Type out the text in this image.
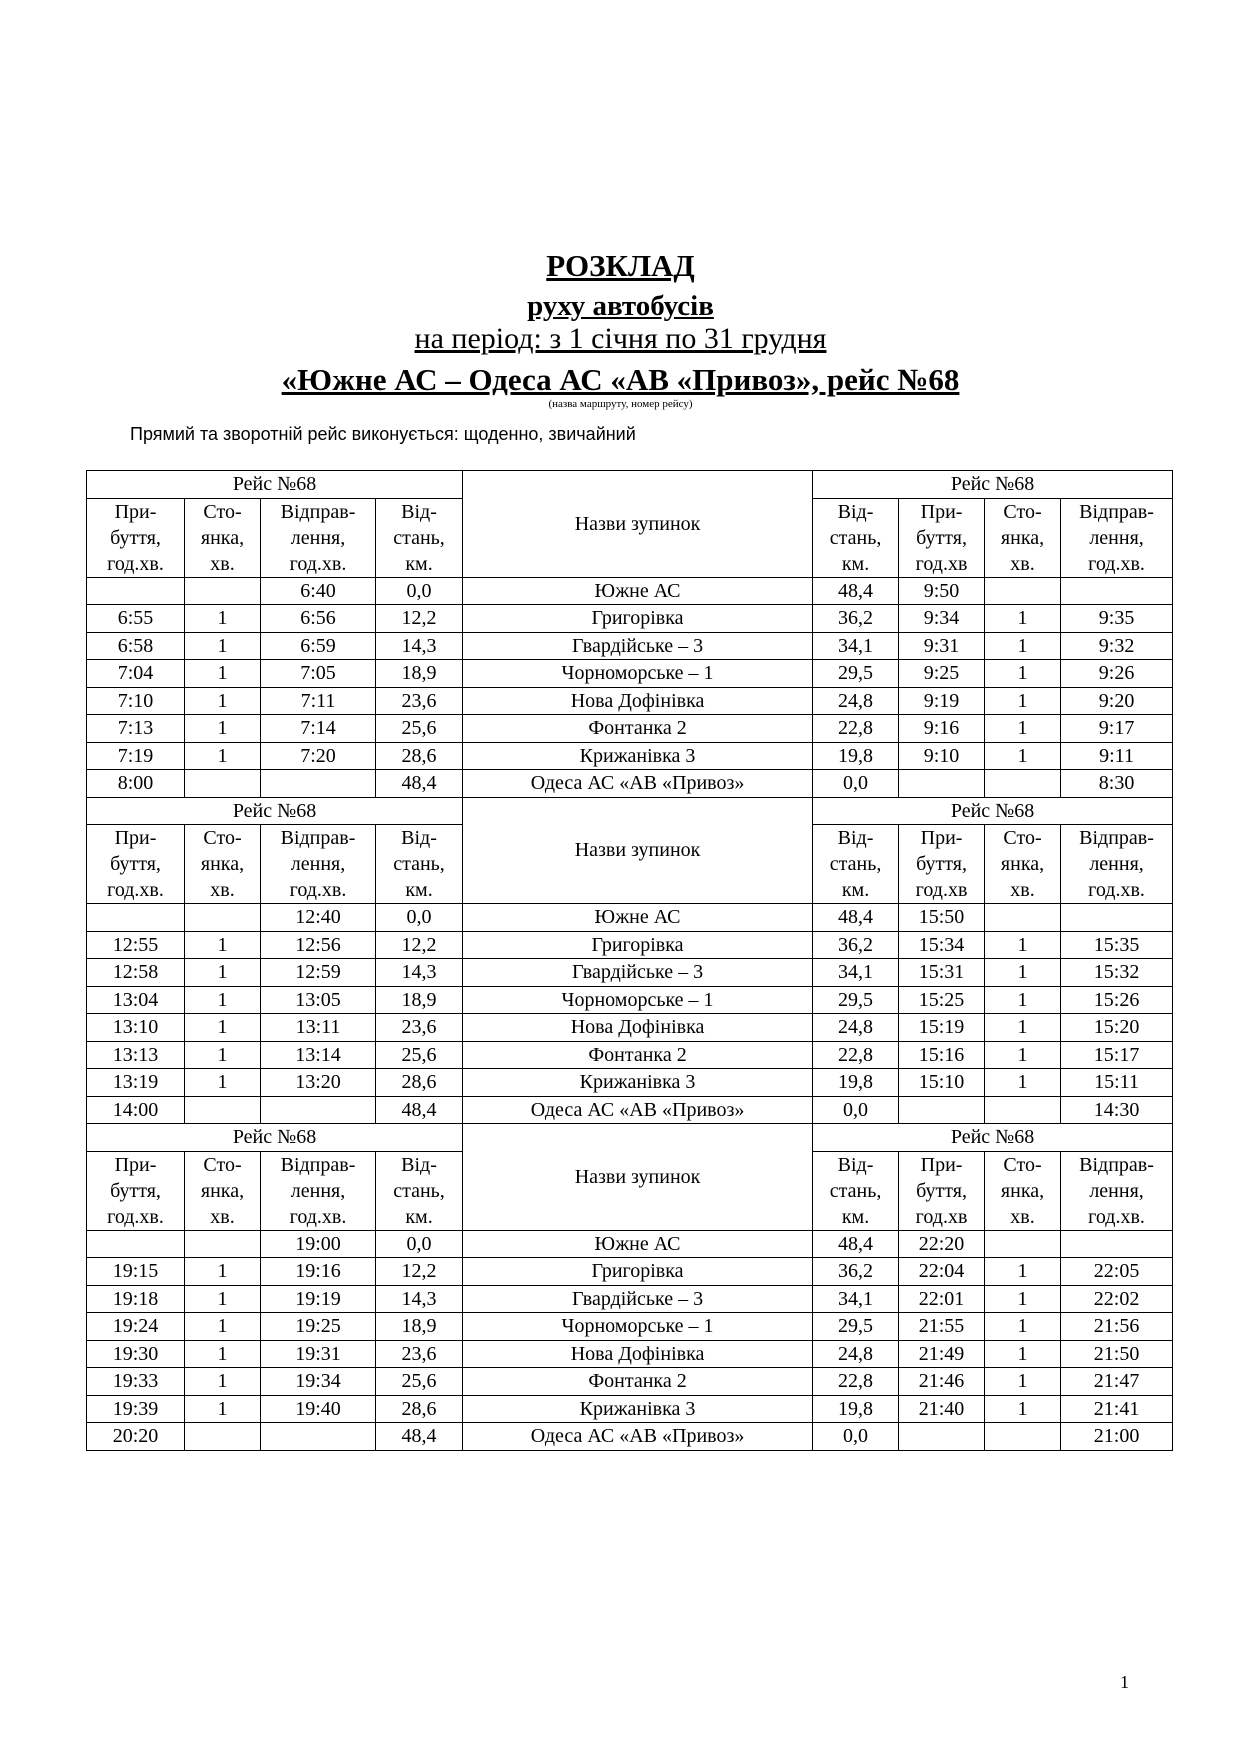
РОЗКЛАД
руху автобусів
на період: з 1 січня по 31 грудня
«Южне АС – Одеса АС «АВ «Привоз», рейс №68
(назва маршруту, номер рейсу)
Прямий та зворотній рейс виконується: щоденно, звичайний
Рейс №68				Назви зупинок	Рейс №68			
При-
буття,
год.хв.	Сто-
янка,
хв.	Відправ-
лення,
год.хв.	Від-
стань,
км.		Від-
стань,
км.	При-
буття,
год.хв	Сто-
янка,
хв.	Відправ-
лення,
год.хв.
		6:40	0,0	Южне АС	48,4	9:50		
6:55	1	6:56	12,2	Григорівка	36,2	9:34	1	9:35
6:58	1	6:59	14,3	Гвардійське – 3	34,1	9:31	1	9:32
7:04	1	7:05	18,9	Чорноморське – 1	29,5	9:25	1	9:26
7:10	1	7:11	23,6	Нова Дофінівка	24,8	9:19	1	9:20
7:13	1	7:14	25,6	Фонтанка 2	22,8	9:16	1	9:17
7:19	1	7:20	28,6	Крижанівка 3	19,8	9:10	1	9:11
8:00			48,4	Одеса АС «АВ «Привоз»	0,0			8:30
Рейс №68				Назви зупинок	Рейс №68			
При-
буття,
год.хв.	Сто-
янка,
хв.	Відправ-
лення,
год.хв.	Від-
стань,
км.		Від-
стань,
км.	При-
буття,
год.хв	Сто-
янка,
хв.	Відправ-
лення,
год.хв.
		12:40	0,0	Южне АС	48,4	15:50		
12:55	1	12:56	12,2	Григорівка	36,2	15:34	1	15:35
12:58	1	12:59	14,3	Гвардійське – 3	34,1	15:31	1	15:32
13:04	1	13:05	18,9	Чорноморське – 1	29,5	15:25	1	15:26
13:10	1	13:11	23,6	Нова Дофінівка	24,8	15:19	1	15:20
13:13	1	13:14	25,6	Фонтанка 2	22,8	15:16	1	15:17
13:19	1	13:20	28,6	Крижанівка 3	19,8	15:10	1	15:11
14:00			48,4	Одеса АС «АВ «Привоз»	0,0			14:30
Рейс №68				Назви зупинок	Рейс №68			
При-
буття,
год.хв.	Сто-
янка,
хв.	Відправ-
лення,
год.хв.	Від-
стань,
км.		Від-
стань,
км.	При-
буття,
год.хв	Сто-
янка,
хв.	Відправ-
лення,
год.хв.
		19:00	0,0	Южне АС	48,4	22:20		
19:15	1	19:16	12,2	Григорівка	36,2	22:04	1	22:05
19:18	1	19:19	14,3	Гвардійське – 3	34,1	22:01	1	22:02
19:24	1	19:25	18,9	Чорноморське – 1	29,5	21:55	1	21:56
19:30	1	19:31	23,6	Нова Дофінівка	24,8	21:49	1	21:50
19:33	1	19:34	25,6	Фонтанка 2	22,8	21:46	1	21:47
19:39	1	19:40	28,6	Крижанівка 3	19,8	21:40	1	21:41
20:20			48,4	Одеса АС «АВ «Привоз»	0,0			21:00
1
